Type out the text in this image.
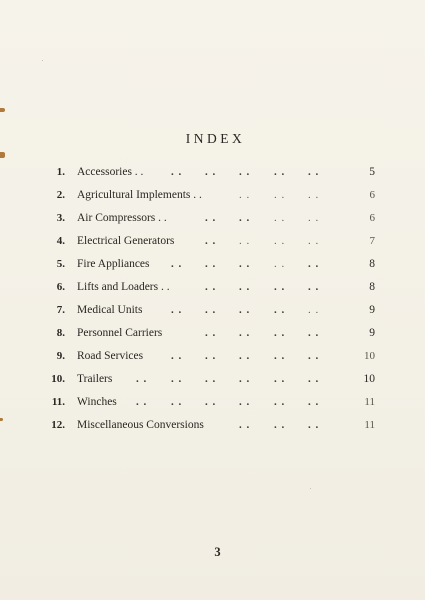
INDEX
1. Accessories . .	. . . . . . . . . .	5
2. Agricultural Implements . .	. . . . . .	6
3. Air Compressors . .	. . . . . . . .	6
4. Electrical Generators	. . . . . . . .	7
5. Fire Appliances . . . . . . . . . .	8
6. Lifts and Loaders . .	. . . . . . . .	8
7. Medical Units	. . . . . . . . . .	9
8. Personnel Carriers	. . . . . . . .	9
9. Road Services	. . . . . . . . . .	10
10. Trailers . . . . . . . . . . . .	10
11. Winches . . . . . . . . . . . .	11
12. Miscellaneous Conversions	. . . . . .	11
3
